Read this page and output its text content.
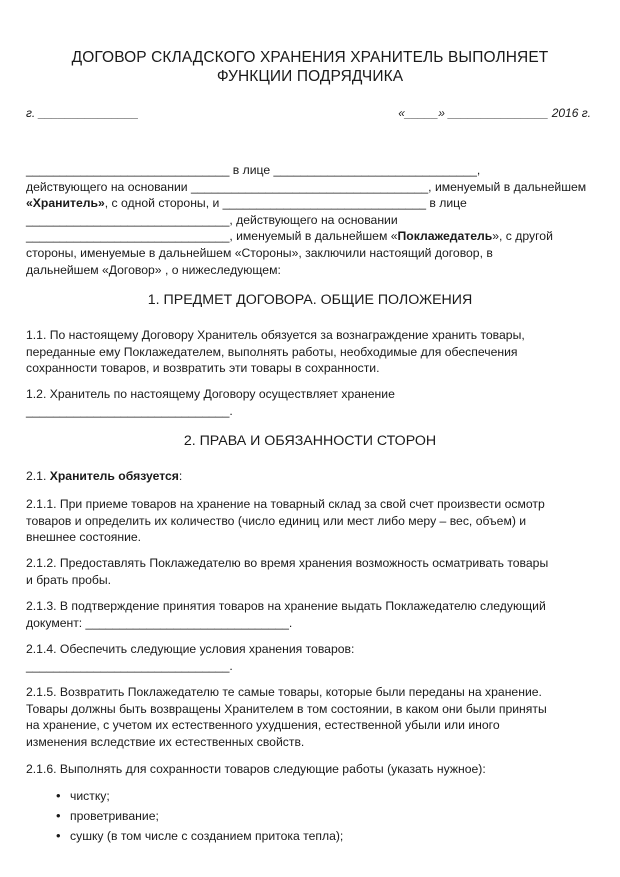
ДОГОВОР СКЛАДСКОГО ХРАНЕНИЯ ХРАНИТЕЛЬ ВЫПОЛНЯЕТ
ФУНКЦИИ ПОДРЯДЧИКА
г. _______________	«_____» _______________ 2016 г.
______________________________ в лице ______________________________,
действующего на основании ___________________________________, именуемый в дальнейшем
«Хранитель», с одной стороны, и ______________________________ в лице
______________________________, действующего на основании
______________________________, именуемый в дальнейшем «Поклажедатель», с другой
стороны, именуемые в дальнейшем «Стороны», заключили настоящий договор, в
дальнейшем «Договор» , о нижеследующем:
1. ПРЕДМЕТ ДОГОВОРА. ОБЩИЕ ПОЛОЖЕНИЯ
1.1. По настоящему Договору Хранитель обязуется за вознаграждение хранить товары,
переданные ему Поклажедателем, выполнять работы, необходимые для обеспечения
сохранности товаров, и возвратить эти товары в сохранности.
1.2. Хранитель по настоящему Договору осуществляет хранение
______________________________.
2. ПРАВА И ОБЯЗАННОСТИ СТОРОН
2.1. Хранитель обязуется:
2.1.1. При приеме товаров на хранение на товарный склад за свой счет произвести осмотр
товаров и определить их количество (число единиц или мест либо меру – вес, объем) и
внешнее состояние.
2.1.2. Предоставлять Поклажедателю во время хранения возможность осматривать товары
и брать пробы.
2.1.3. В подтверждение принятия товаров на хранение выдать Поклажедателю следующий
документ: ______________________________.
2.1.4. Обеспечить следующие условия хранения товаров:
______________________________.
2.1.5. Возвратить Поклажедателю те самые товары, которые были переданы на хранение.
Товары должны быть возвращены Хранителем в том состоянии, в каком они были приняты
на хранение, с учетом их естественного ухудшения, естественной убыли или иного
изменения вследствие их естественных свойств.
2.1.6. Выполнять для сохранности товаров следующие работы (указать нужное):
• чистку;
• проветривание;
• сушку (в том числе с созданием притока тепла);
